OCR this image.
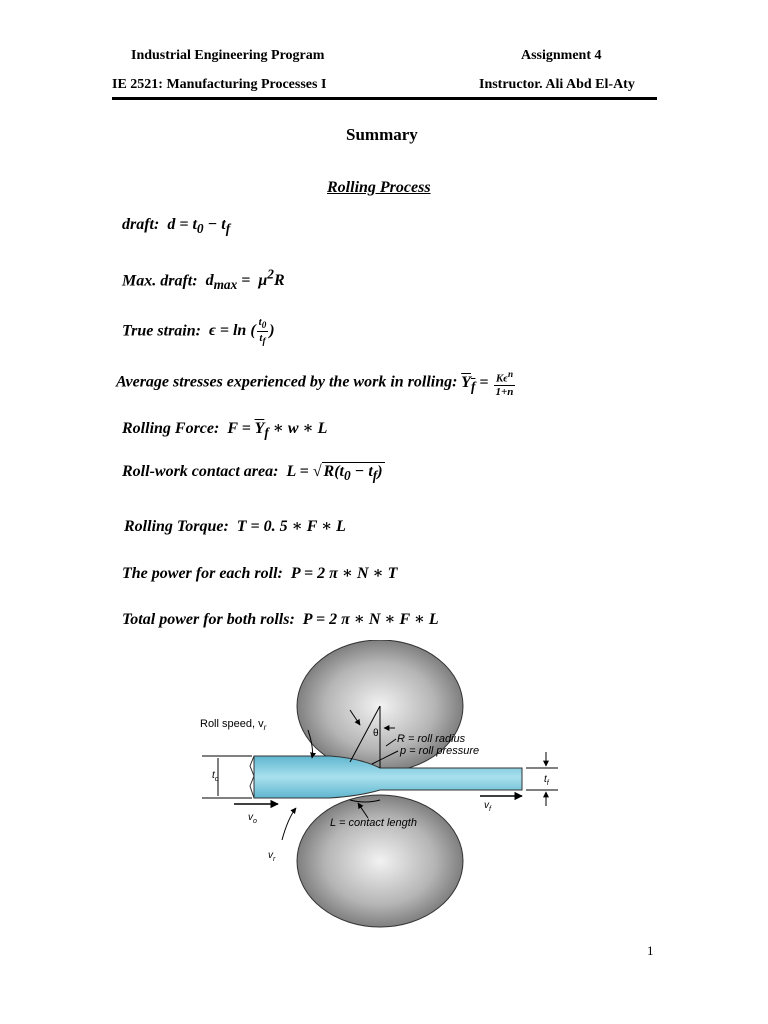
Industrial Engineering Program	Assignment 4
IE 2521: Manufacturing Processes I	Instructor. Ali Abd El-Aty
Summary
Rolling Process
draft:  $d = t_0 - t_f$
Max. draft:  $d_{max} = \mu^2R$
True strain:  ϵ = ln ( $\frac{t_0}{t_f}$ )
Average stresses experienced by the work in rolling: $Y_f = \frac{K\epsilon^n}{1+n}$
Rolling Force:  $F = \overline{Y}_f$ ∗ w ∗ L
Roll-work contact area:  L = √ $R(t_0 - t_f)$
Rolling Torque:  T = 0. 5 ∗ F ∗ L
The power for each roll:  P = 2 π ∗ N ∗ T
Total power for both rolls:  P = 2 π ∗ N ∗ F ∗ L
θ
Roll speed, $v_r$
R = roll radius
p = roll pressure
$t_o$	$t_f$
$v_o$
$v_f$
$v_r$
L = contact length
1
